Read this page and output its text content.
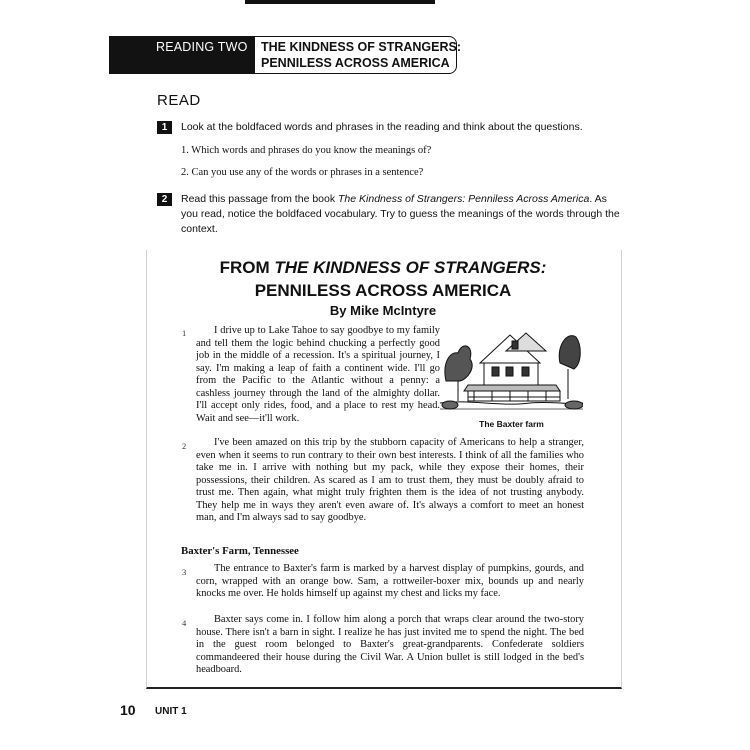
READING TWO THE KINDNESS OF STRANGERS:
PENNILESS ACROSS AMERICA
READ
1	Look at the boldfaced words and phrases in the reading and think about the questions.
1. Which words and phrases do you know the meanings of?
2. Can you use any of the words or phrases in a sentence?
2	Read this passage from the book The Kindness of Strangers: Penniless Across America. As you read, notice the boldfaced vocabulary. Try to guess the meanings of the words through the context.
FROM THE KINDNESS OF STRANGERS:
PENNILESS ACROSS AMERICA
By Mike McIntyre
The Baxter farm
1	I drive up to Lake Tahoe to say goodbye to my family and tell them the logic behind chucking a perfectly good job in the middle of a recession. It's a spiritual journey, I say. I'm making a leap of faith a continent wide. I'll go from the Pacific to the Atlantic without a penny: a cashless journey through the land of the almighty dollar. I'll accept only rides, food, and a place to rest my head. Wait and see—it'll work.
2	I've been amazed on this trip by the stubborn capacity of Americans to help a stranger, even when it seems to run contrary to their own best interests. I think of all the families who take me in. I arrive with nothing but my pack, while they expose their homes, their possessions, their children. As scared as I am to trust them, they must be doubly afraid to trust me. Then again, what might truly frighten them is the idea of not trusting anybody. They help me in ways they aren't even aware of. It's always a comfort to meet an honest man, and I'm always sad to say goodbye.
Baxter's Farm, Tennessee
3	The entrance to Baxter's farm is marked by a harvest display of pumpkins, gourds, and corn, wrapped with an orange bow. Sam, a rottweiler-boxer mix, bounds up and nearly knocks me over. He holds himself up against my chest and licks my face.
4	Baxter says come in. I follow him along a porch that wraps clear around the two-story house. There isn't a barn in sight. I realize he has just invited me to spend the night. The bed in the guest room belonged to Baxter's great-grandparents. Confederate soldiers commandeered their house during the Civil War. A Union bullet is still lodged in the bed's headboard.
10 UNIT 1
